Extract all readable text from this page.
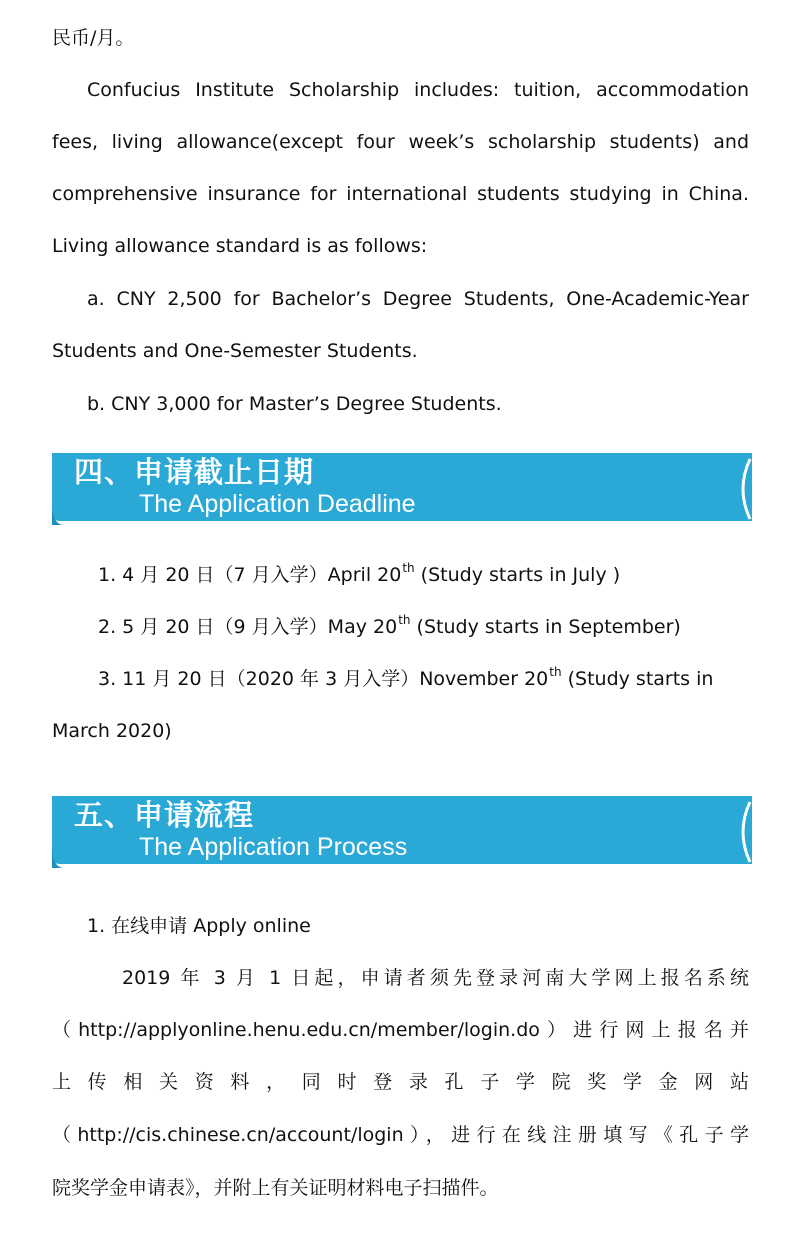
民币/月。
Confucius Institute Scholarship includes: tuition, accommodation
fees, living allowance(except four week’s scholarship students) and
comprehensive insurance for international students studying in China.
Living allowance standard is as follows:
a. CNY 2,500 for Bachelor’s Degree Students, One-Academic-Year
Students and One-Semester Students.
b. CNY 3,000 for Master’s Degree Students.
四、申请截止日期
The Application Deadline
1. 4 月 20 日（7 月入学）April 20th (Study starts in July )
2. 5 月 20 日（9 月入学）May 20th (Study starts in September)
3. 11 月 20 日（2020 年 3 月入学）November 20th (Study starts in
March 2020)
五、申请流程
The Application Process
1. 在线申请 Apply online
2019 年 3 月 1 日起，申请者须先登录河南大学网上报名系统
（http://applyonline.henu.edu.cn/member/login.do）进行网上报名并
上传相关资料，同时登录孔子学院奖学金网站
（http://cis.chinese.cn/account/login），进行在线注册填写《孔子学
院奖学金申请表》，并附上有关证明材料电子扫描件。
